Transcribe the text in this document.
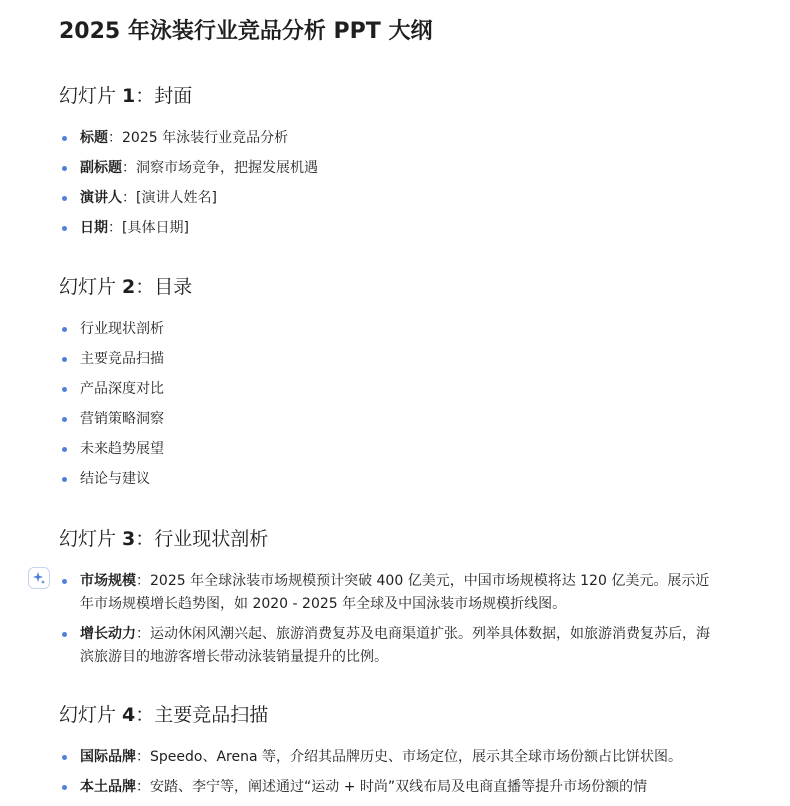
2025 年泳装行业竞品分析 PPT 大纲
幻灯片 1：封面
标题：2025 年泳装行业竞品分析
副标题：洞察市场竞争，把握发展机遇
演讲人：[演讲人姓名]
日期：[具体日期]
幻灯片 2：目录
行业现状剖析
主要竞品扫描
产品深度对比
营销策略洞察
未来趋势展望
结论与建议
幻灯片 3：行业现状剖析
市场规模：2025 年全球泳装市场规模预计突破 400 亿美元，中国市场规模将达 120 亿美元。展示近年市场规模增长趋势图，如 2020 - 2025 年全球及中国泳装市场规模折线图。
增长动力：运动休闲风潮兴起、旅游消费复苏及电商渠道扩张。列举具体数据，如旅游消费复苏后，海滨旅游目的地游客增长带动泳装销量提升的比例。
幻灯片 4：主要竞品扫描
国际品牌：Speedo、Arena 等，介绍其品牌历史、市场定位，展示其全球市场份额占比饼状图。
本土品牌：安踏、李宁等，阐述通过“运动 + 时尚”双线布局及电商直播等提升市场份额的情
